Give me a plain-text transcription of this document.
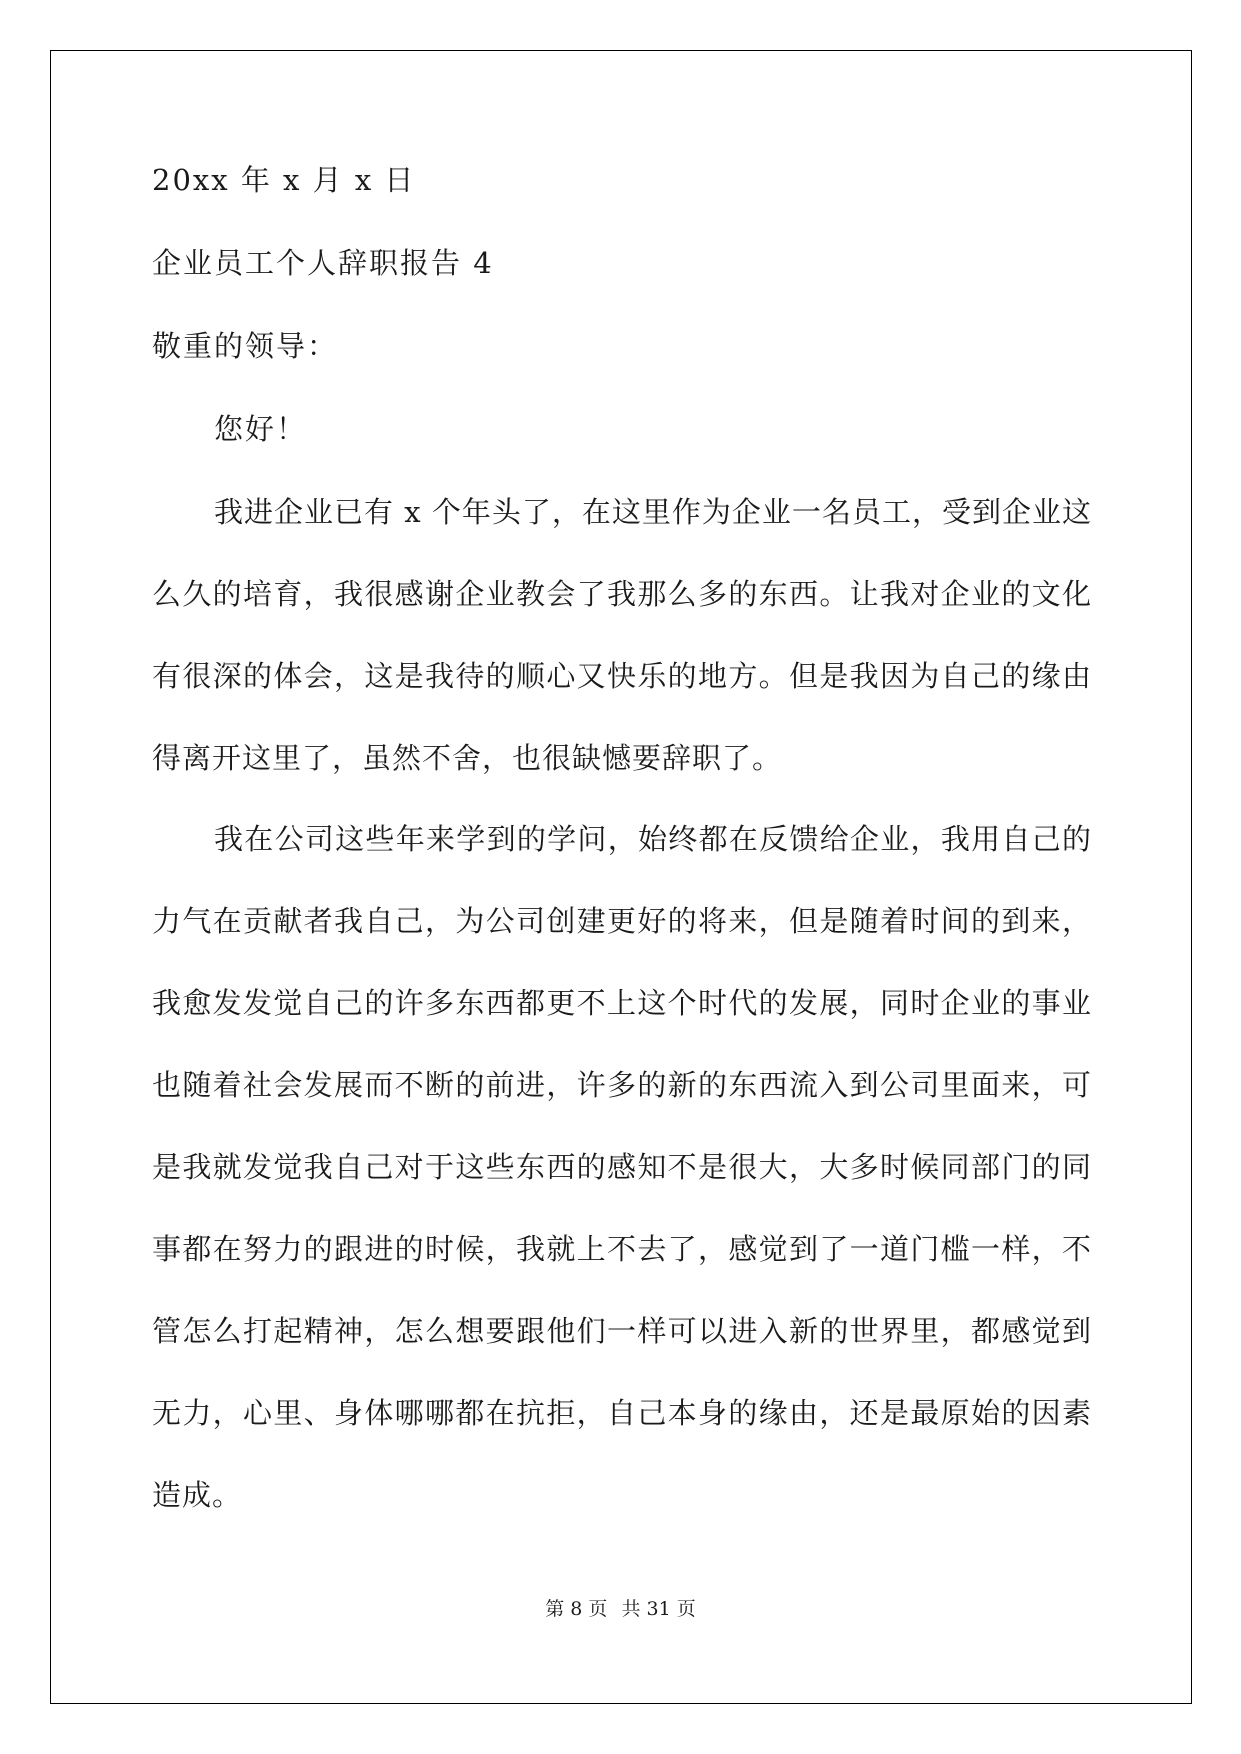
20xx 年 x 月 x 日

企业员工个人辞职报告 4

敬重的领导：

您好！

我进企业已有 x 个年头了，在这里作为企业一名员工，受到企业这么久的培育，我很感谢企业教会了我那么多的东西。让我对企业的文化有很深的体会，这是我待的顺心又快乐的地方。但是我因为自己的缘由得离开这里了，虽然不舍，也很缺憾要辞职了。

我在公司这些年来学到的学问，始终都在反馈给企业，我用自己的力气在贡献者我自己，为公司创建更好的将来，但是随着时间的到来，我愈发发觉自己的许多东西都更不上这个时代的发展，同时企业的事业也随着社会发展而不断的前进，许多的新的东西流入到公司里面来，可是我就发觉我自己对于这些东西的感知不是很大，大多时候同部门的同事都在努力的跟进的时候，我就上不去了，感觉到了一道门槛一样，不管怎么打起精神，怎么想要跟他们一样可以进入新的世界里，都感觉到无力，心里、身体哪哪都在抗拒，自己本身的缘由，还是最原始的因素造成。

第 8 页 共 31 页
